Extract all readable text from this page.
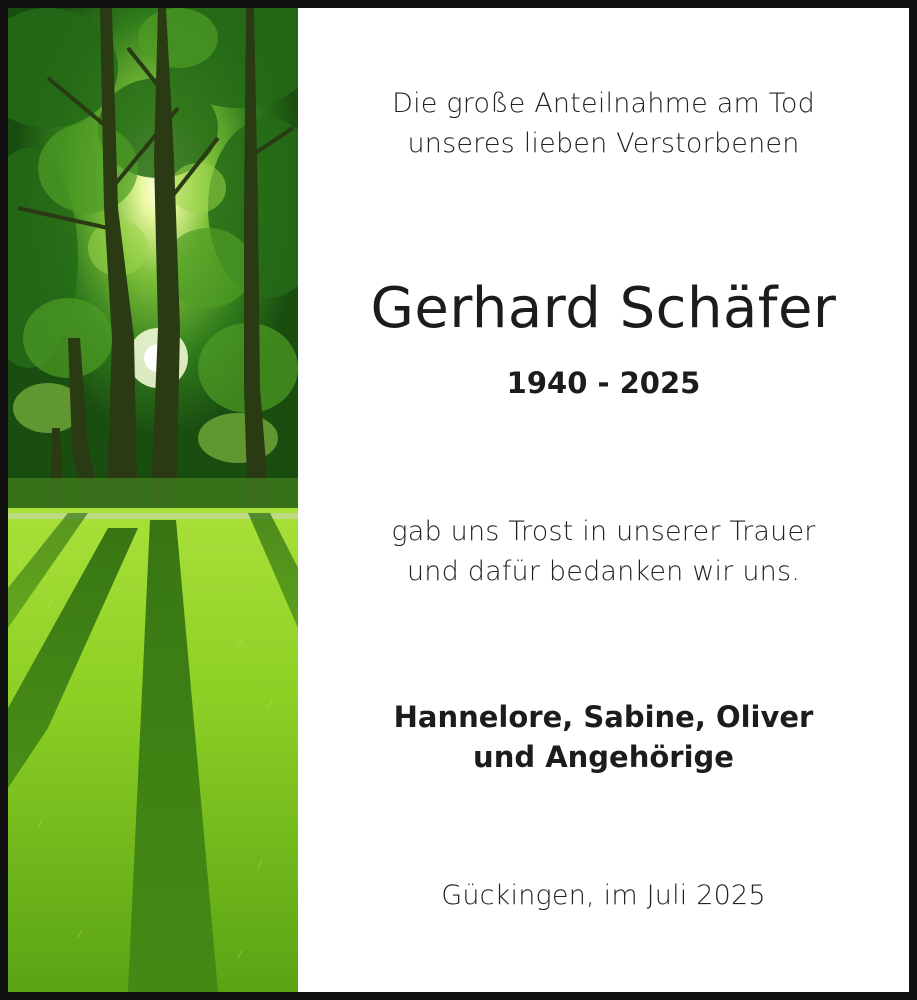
Die große Anteilnahme am Tod
unseres lieben Verstorbenen
Gerhard Schäfer
1940 - 2025
gab uns Trost in unserer Trauer
und dafür bedanken wir uns.
Hannelore, Sabine, Oliver
und Angehörige
Gückingen, im Juli 2025
